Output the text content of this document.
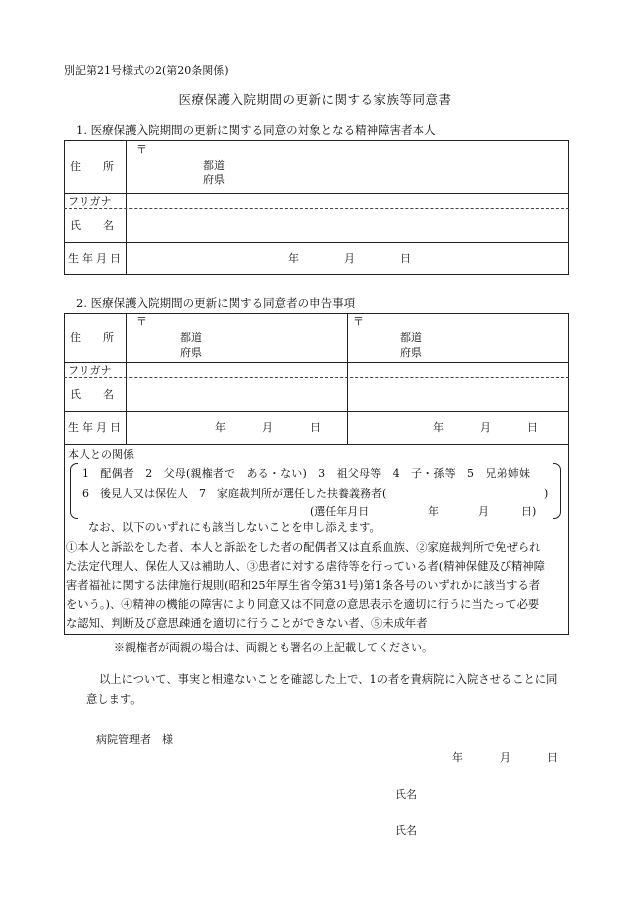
別記第21号様式の2(第20条関係)
医療保護入院期間の更新に関する家族等同意書
1. 医療保護入院期間の更新に関する同意の対象となる精神障害者本人
住　　所
〒
都道
府県
フリガナ
氏　　名
生年月日	年	月	日
2. 医療保護入院期間の更新に関する同意者の申告事項
住　　所
〒
都道
府県
〒
都道
府県
フリガナ
氏　　名
生年月日	年	月	日	年	月	日
本人との関係
1　配偶者　2　父母(親権者で　ある・ない)　3　祖父母等　4　子・孫等　5　兄弟姉妹
6　後見人又は保佐人　7　家庭裁判所が選任した扶養義務者(	)
(選任年月日	年	月	日)
なお、以下のいずれにも該当しないことを申し添えます。
①本人と訴訟をした者、本人と訴訟をした者の配偶者又は直系血族、②家庭裁判所で免ぜられ
た法定代理人、保佐人又は補助人、③患者に対する虐待等を行っている者(精神保健及び精神障
害者福祉に関する法律施行規則(昭和25年厚生省令第31号)第1条各号のいずれかに該当する者
をいう。)、④精神の機能の障害により同意又は不同意の意思表示を適切に行うに当たって必要
な認知、判断及び意思疎通を適切に行うことができない者、⑤未成年者
※親権者が両親の場合は、両親とも署名の上記載してください。
以上について、事実と相違ないことを確認した上で、1の者を貴病院に入院させることに同
意します。
病院管理者　様
年	月	日
氏名
氏名
